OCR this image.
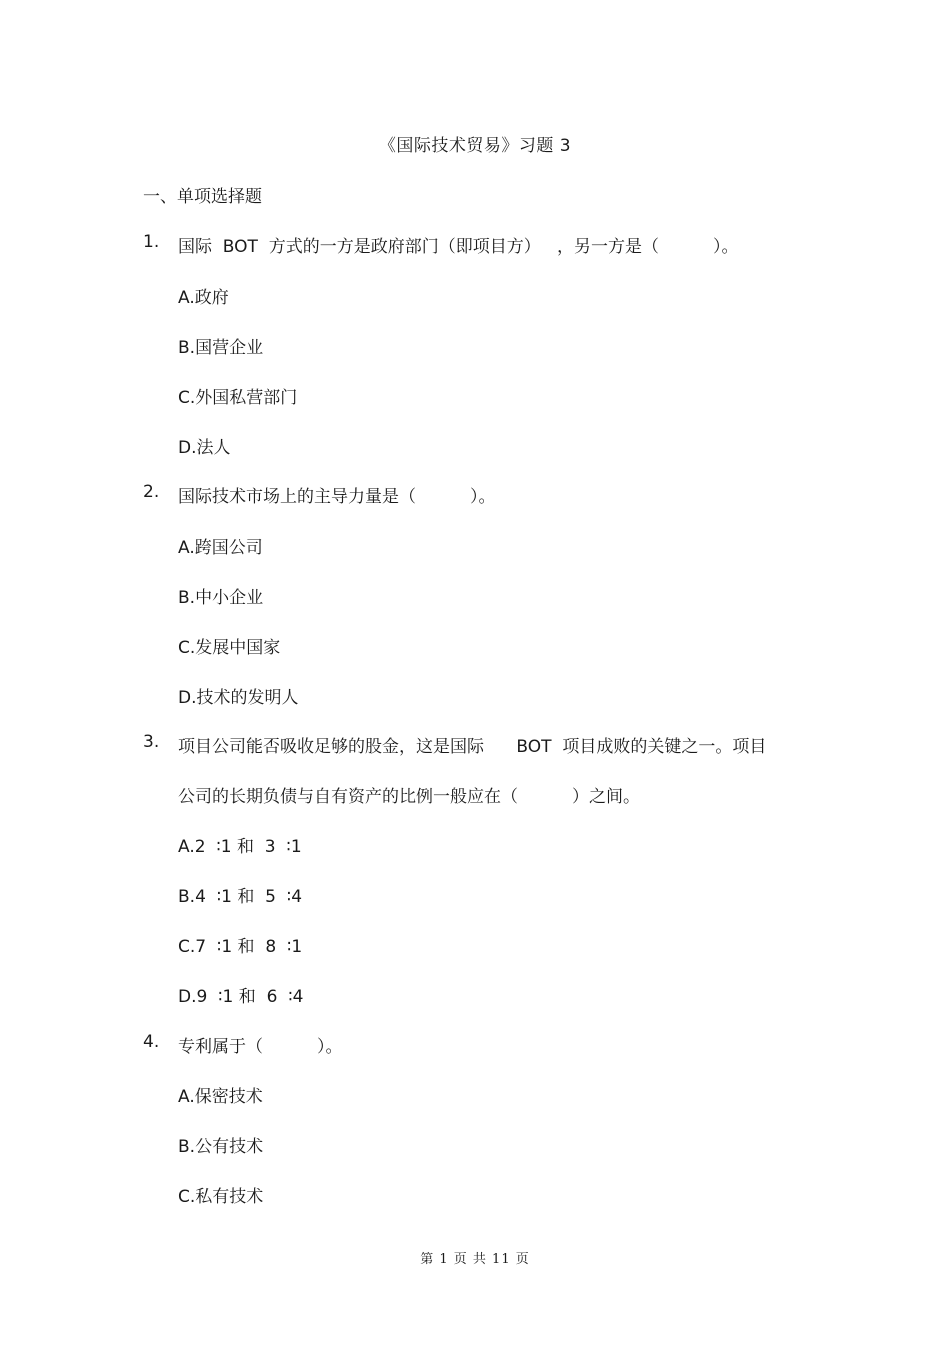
《国际技术贸易》习题 3
一、单项选择题
1. 国际  BOT  方式的一方是政府部门（即项目方）   ，另一方是（          ）。
A.政府
B.国营企业
C.外国私营部门
D.法人
2. 国际技术市场上的主导力量是（          ）。
A.跨国公司
B.中小企业
C.发展中国家
D.技术的发明人
3. 项目公司能否吸收足够的股金，这是国际      BOT  项目成败的关键之一。项目
公司的长期负债与自有资产的比例一般应在（          ）之间。
A.2  ∶1 和  3  ∶1
B.4  ∶1 和  5  ∶4
C.7  ∶1 和  8  ∶1
D.9  ∶1 和  6  ∶4
4. 专利属于（          ）。
A.保密技术
B.公有技术
C.私有技术
第 1 页 共 11 页
